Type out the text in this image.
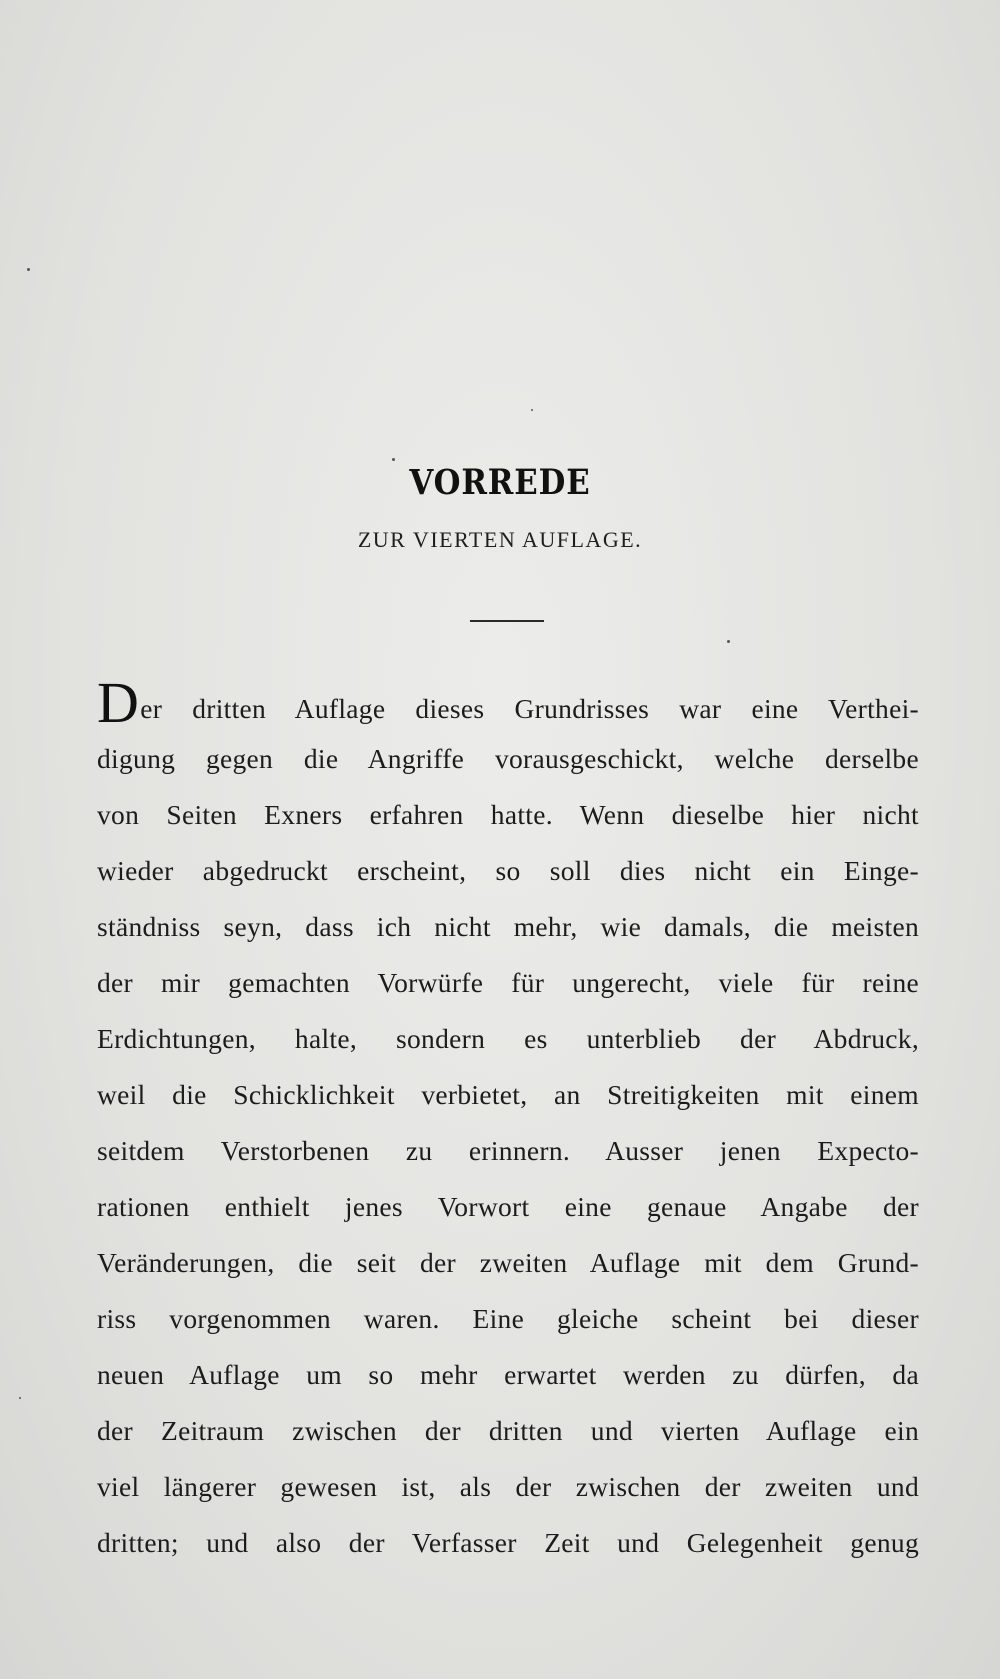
VORREDE
ZUR VIERTEN AUFLAGE.
Der dritten Auflage dieses Grundrisses war eine Verthei-
digung gegen die Angriffe vorausgeschickt, welche derselbe
von Seiten Exners erfahren hatte. Wenn dieselbe hier nicht
wieder abgedruckt erscheint, so soll dies nicht ein Einge-
ständniss seyn, dass ich nicht mehr, wie damals, die meisten
der mir gemachten Vorwürfe für ungerecht, viele für reine
Erdichtungen, halte, sondern es unterblieb der Abdruck,
weil die Schicklichkeit verbietet, an Streitigkeiten mit einem
seitdem Verstorbenen zu erinnern. Ausser jenen Expecto-
rationen enthielt jenes Vorwort eine genaue Angabe der
Veränderungen, die seit der zweiten Auflage mit dem Grund-
riss vorgenommen waren. Eine gleiche scheint bei dieser
neuen Auflage um so mehr erwartet werden zu dürfen, da
der Zeitraum zwischen der dritten und vierten Auflage ein
viel längerer gewesen ist, als der zwischen der zweiten und
dritten; und also der Verfasser Zeit und Gelegenheit genug
